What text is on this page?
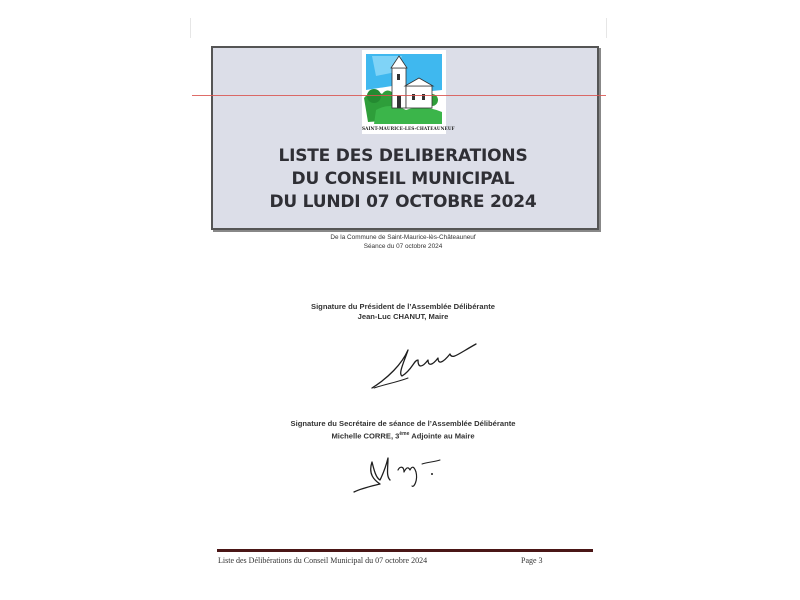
SAINT-MAURICE-LES-CHATEAUNEUF
LISTE DES DELIBERATIONS
DU CONSEIL MUNICIPAL
DU LUNDI 07 OCTOBRE 2024
De la Commune de Saint-Maurice-lès-Châteauneuf
Séance du 07 octobre 2024
Signature du Président de l’Assemblée Délibérante
Jean-Luc CHANUT, Maire
Signature du Secrétaire de séance de l’Assemblée Délibérante
Michelle CORRE, 3ème Adjointe au Maire
Liste des Délibérations du Conseil Municipal du 07 octobre 2024	Page 3
